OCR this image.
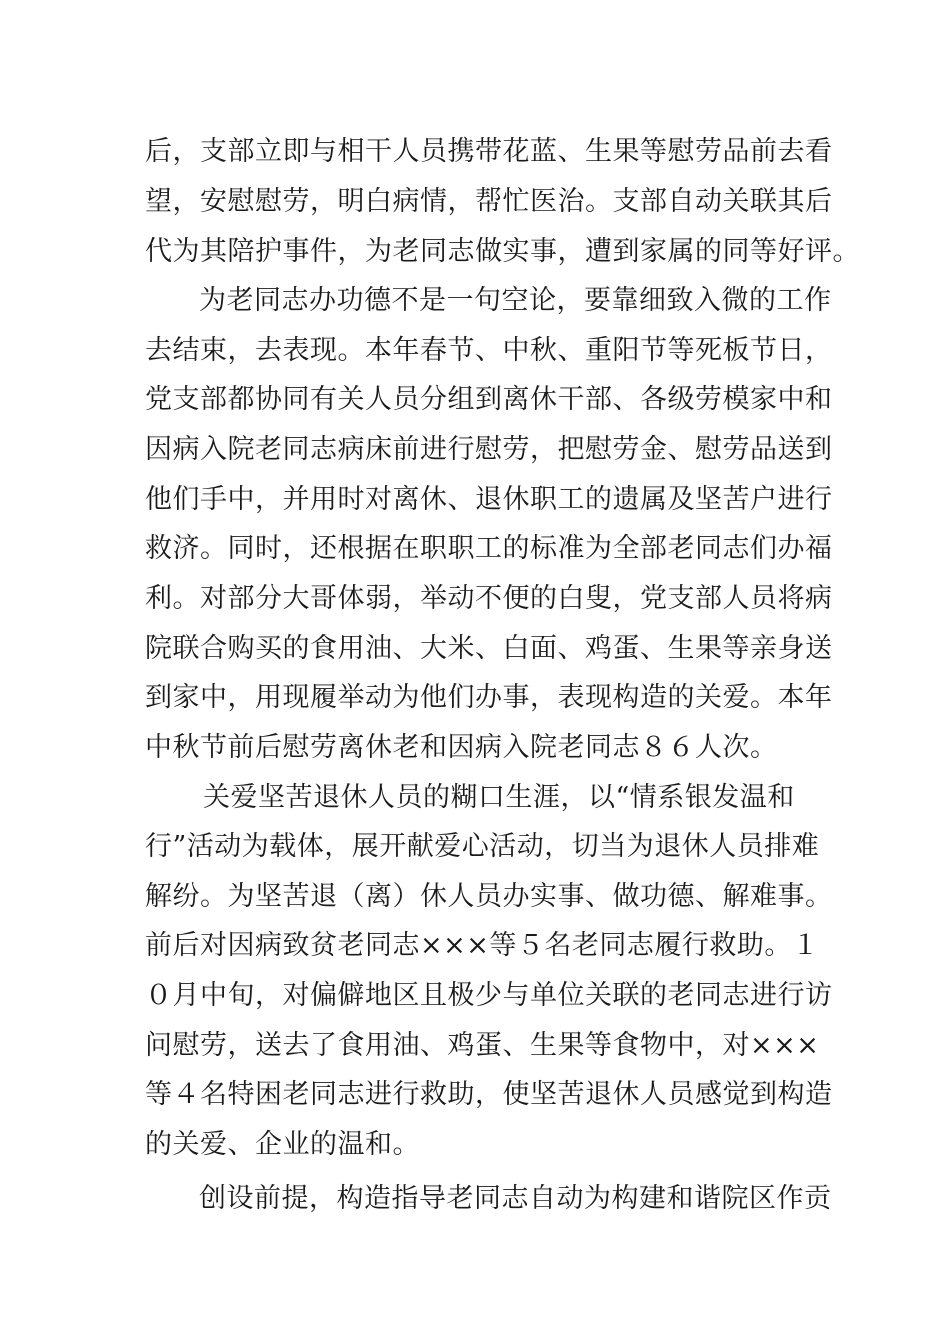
后，支部立即与相干人员携带花蓝、生果等慰劳品前去看
望，安慰慰劳，明白病情，帮忙医治。支部自动关联其后
代为其陪护事件，为老同志做实事，遭到家属的同等好评。
为老同志办功德不是一句空论，要靠细致入微的工作
去结束，去表现。本年春节、中秋、重阳节等死板节日，
党支部都协同有关人员分组到离休干部、各级劳模家中和
因病入院老同志病床前进行慰劳，把慰劳金、慰劳品送到
他们手中，并用时对离休、退休职工的遗属及坚苦户进行
救济。同时，还根据在职职工的标准为全部老同志们办福
利。对部分大哥体弱，举动不便的白叟，党支部人员将病
院联合购买的食用油、大米、白面、鸡蛋、生果等亲身送
到家中，用现履举动为他们办事，表现构造的关爱。本年
中秋节前后慰劳离休老和因病入院老同志８６人次。
关爱坚苦退休人员的糊口生涯，以“情系银发温和
行”活动为载体，展开献爱心活动，切当为退休人员排难
解纷。为坚苦退（离）休人员办实事、做功德、解难事。
前后对因病致贫老同志×××等５名老同志履行救助。１
０月中旬，对偏僻地区且极少与单位关联的老同志进行访
问慰劳，送去了食用油、鸡蛋、生果等食物中，对×××
等４名特困老同志进行救助，使坚苦退休人员感觉到构造
的关爱、企业的温和。
创设前提，构造指导老同志自动为构建和谐院区作贡
